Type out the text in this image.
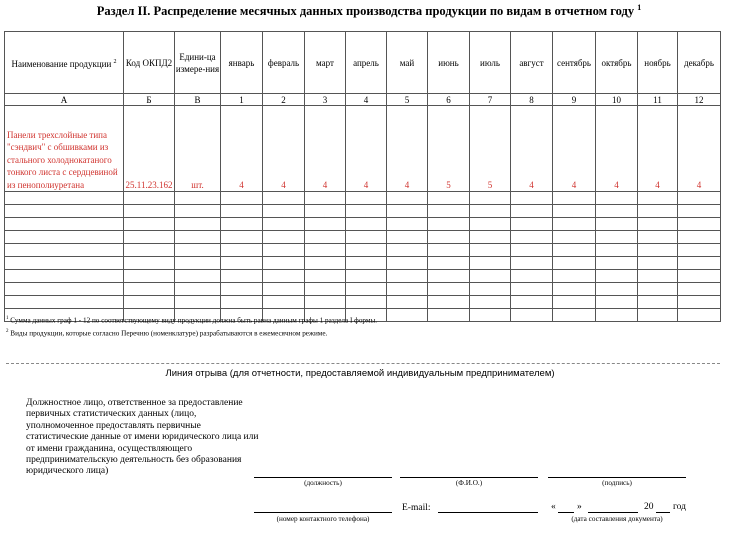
Раздел II. Распределение месячных данных производства продукции по видам в отчетном году $^1$
Наименование продукции $^2$	Код ОКПД2	Едини-ца измере-ния	январь	февраль	март	апрель	май	июнь	июль	август	сентябрь	октябрь	ноябрь	декабрь
А	Б	В	1	2	3	4	5	6	7	8	9	10	11	12
Панели трехслойные типа "сэндвич" с обшивками из стального холоднокатаного тонкого листа с сердцевиной из пенополиуретана	25.11.23.162	шт.	4	4	4	4	4	5	5	4	4	4	4	4

$^1$ Сумма данных граф 1 - 12 по соответствующему виду продукции должна быть равна данным графы 1 раздела I формы.
$^2$ Виды продукции, которые согласно Перечню (номенклатуре) разрабатываются в ежемесячном режиме.
Линия отрыва (для отчетности, предоставляемой индивидуальным предпринимателем)
Должностное лицо, ответственное за предоставление первичных статистических данных (лицо, уполномоченное предоставлять первичные статистические данные от имени юридического лица или от имени гражданина, осуществляющего предпринимательскую деятельность без образования юридического лица)
(должность)	(Ф.И.О.)	(подпись)
(номер контактного телефона)
E-mail:	« »	20 год
(дата составления документа)
